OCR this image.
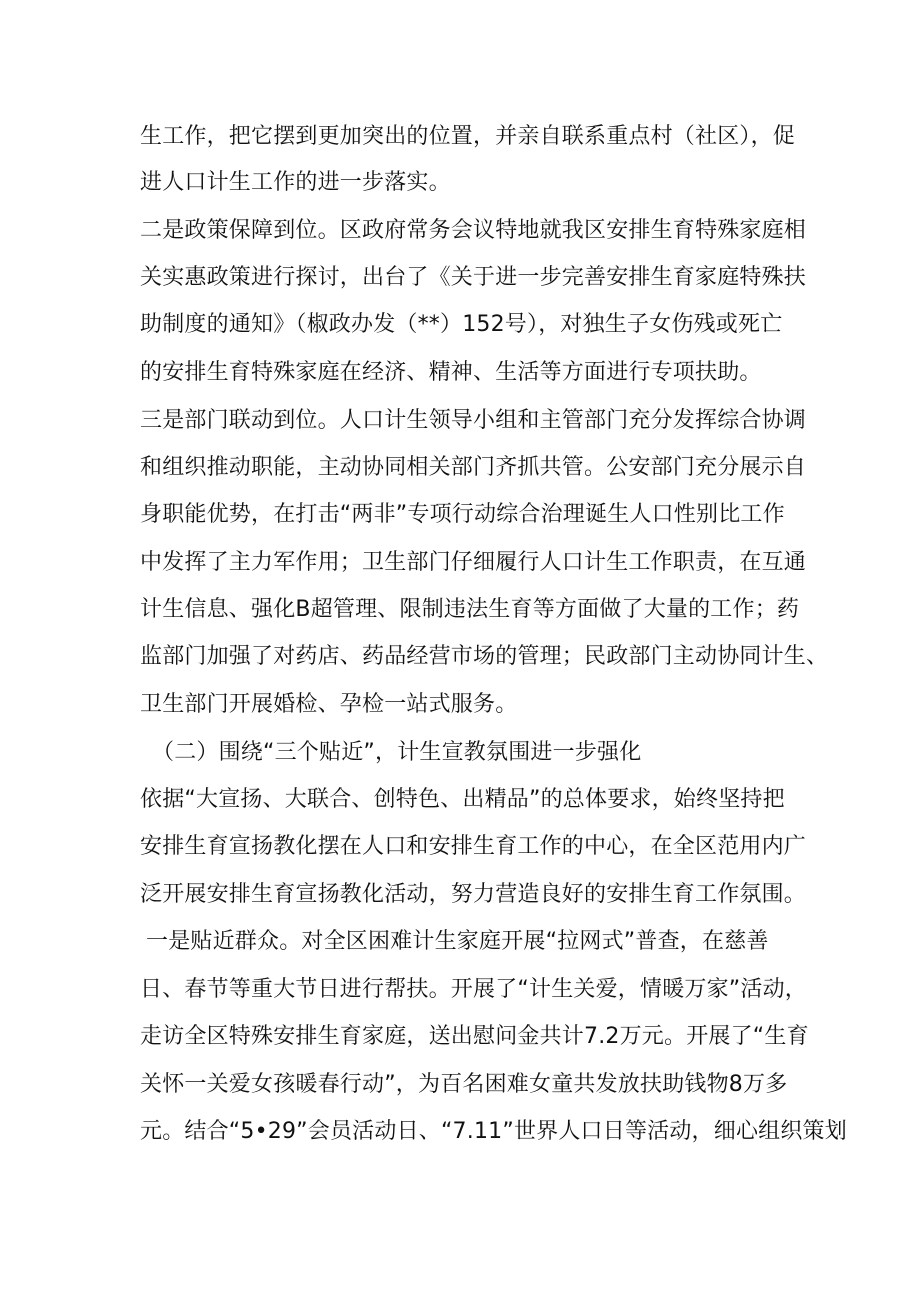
生工作，把它摆到更加突出的位置，并亲自联系重点村（社区），促
进人口计生工作的进一步落实。
二是政策保障到位。区政府常务会议特地就我区安排生育特殊家庭相
关实惠政策进行探讨，出台了《关于进一步完善安排生育家庭特殊扶
助制度的通知》（椒政办发（**）152号），对独生子女伤残或死亡
的安排生育特殊家庭在经济、精神、生活等方面进行专项扶助。
三是部门联动到位。人口计生领导小组和主管部门充分发挥综合协调
和组织推动职能，主动协同相关部门齐抓共管。公安部门充分展示自
身职能优势，在打击“两非”专项行动综合治理诞生人口性别比工作
中发挥了主力军作用；卫生部门仔细履行人口计生工作职责，在互通
计生信息、强化B超管理、限制违法生育等方面做了大量的工作；药
监部门加强了对药店、药品经营市场的管理；民政部门主动协同计生、
卫生部门开展婚检、孕检一站式服务。
（二）围绕“三个贴近”，计生宣教氛围进一步强化
依据“大宣扬、大联合、创特色、出精品”的总体要求，始终坚持把
安排生育宣扬教化摆在人口和安排生育工作的中心，在全区范用内广
泛开展安排生育宣扬教化活动，努力营造良好的安排生育工作氛围。
一是贴近群众。对全区困难计生家庭开展“拉网式”普查，在慈善
日、春节等重大节日进行帮扶。开展了“计生关爱，情暖万家”活动，
走访全区特殊安排生育家庭，送出慰问金共计7.2万元。开展了“生育
关怀一关爱女孩暖春行动”，为百名困难女童共发放扶助钱物8万多
元。结合“5•29”会员活动日、“7.11”世界人口日等活动，细心组织策划
